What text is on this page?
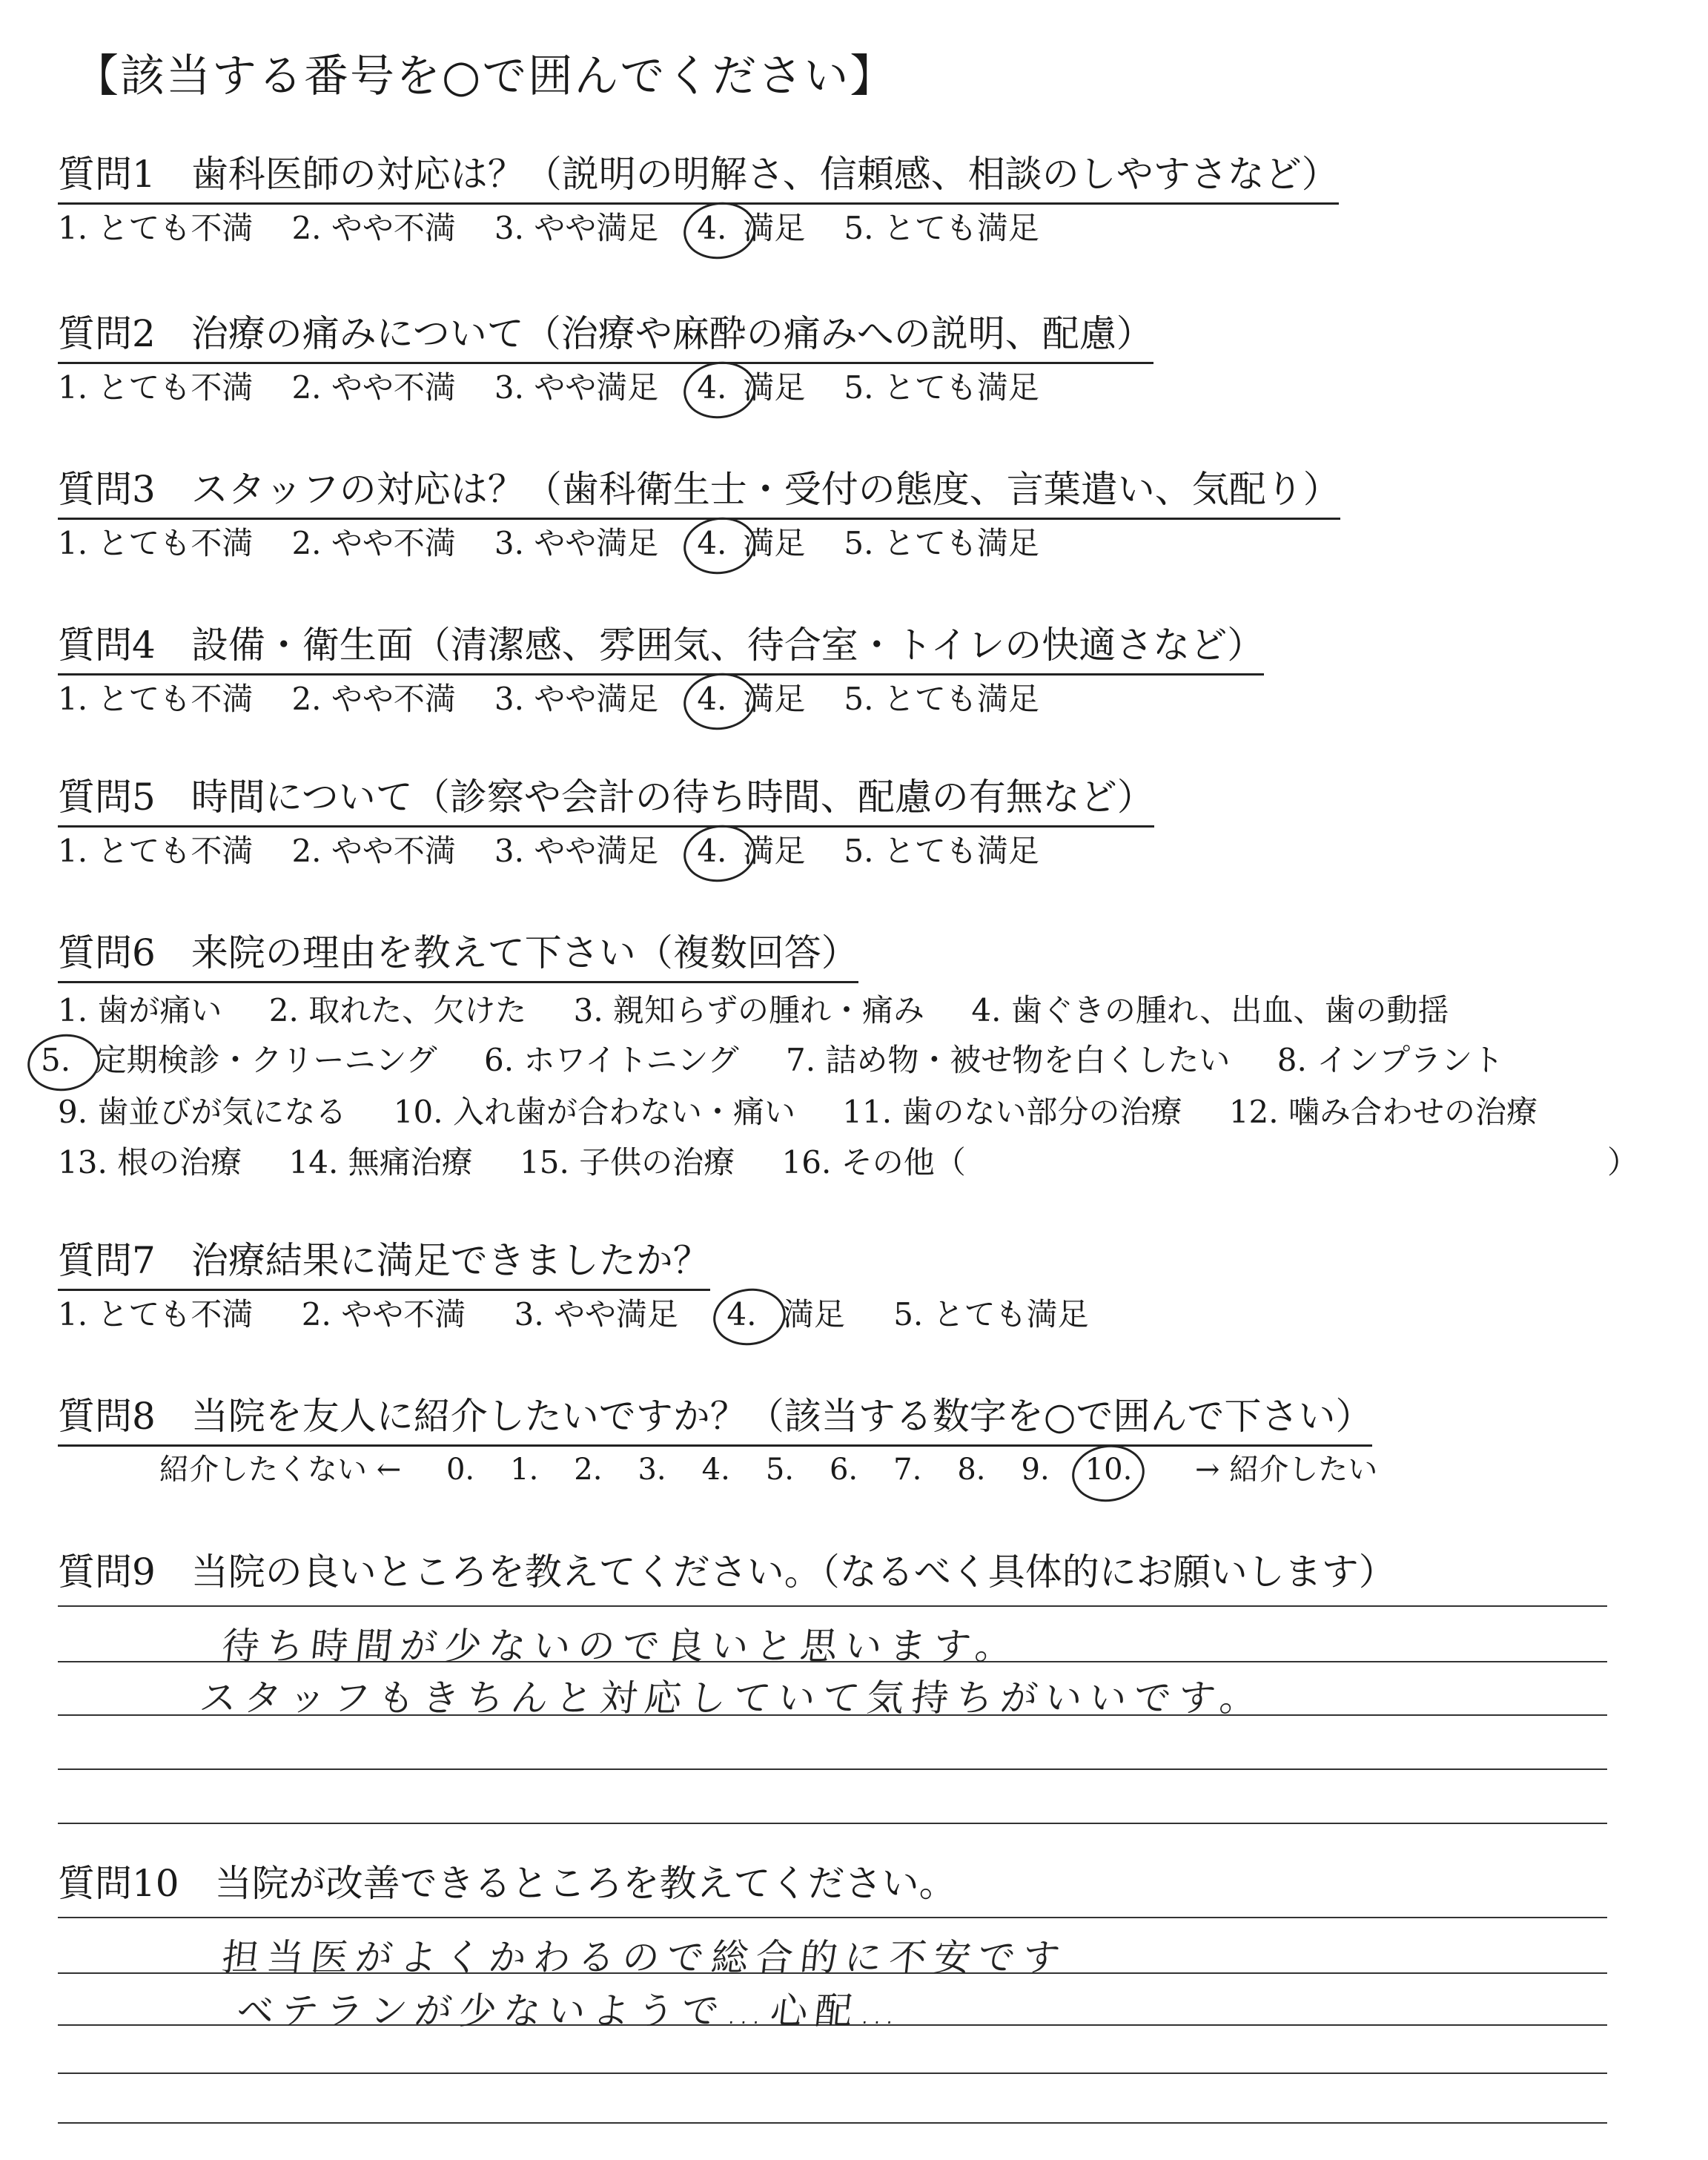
【該当する番号を○で囲んでください】
質問1 歯科医師の対応は？（説明の明解さ、信頼感、相談のしやすさなど）
1. とても不満 2. やや不満 3. やや満足 4. 満足 5. とても満足
質問2 治療の痛みについて（治療や麻酔の痛みへの説明、配慮）
1. とても不満 2. やや不満 3. やや満足 4. 満足 5. とても満足
質問3 スタッフの対応は？（歯科衛生士・受付の態度、言葉遣い、気配り）
1. とても不満 2. やや不満 3. やや満足 4. 満足 5. とても満足
質問4 設備・衛生面（清潔感、雰囲気、待合室・トイレの快適さなど）
1. とても不満 2. やや不満 3. やや満足 4. 満足 5. とても満足
質問5 時間について（診察や会計の待ち時間、配慮の有無など）
1. とても不満 2. やや不満 3. やや満足 4. 満足 5. とても満足
質問6 来院の理由を教えて下さい（複数回答）
1. 歯が痛い 2. 取れた、欠けた 3. 親知らずの腫れ・痛み 4. 歯ぐきの腫れ、出血、歯の動揺
5. 定期検診・クリーニング 6. ホワイトニング 7. 詰め物・被せ物を白くしたい 8. インプラント
9. 歯並びが気になる 10. 入れ歯が合わない・痛い 11. 歯のない部分の治療 12. 噛み合わせの治療
13. 根の治療 14. 無痛治療 15. 子供の治療 16. その他（	）
質問7 治療結果に満足できましたか？
1. とても不満 2. やや不満 3. やや満足 4. 満足 5. とても満足
質問8 当院を友人に紹介したいですか？（該当する数字を○で囲んで下さい）
紹介したくない ← 0. 1. 2. 3. 4. 5. 6. 7. 8. 9. 10. → 紹介したい
質問9 当院の良いところを教えてください。（なるべく具体的にお願いします）
待ち時間が少ないので良いと思います。
スタッフもきちんと対応していて気持ちがいいです。
質問10 当院が改善できるところを教えてください。
担当医がよくかわるので総合的に不安です
ベテランが少ないようで…心配…
